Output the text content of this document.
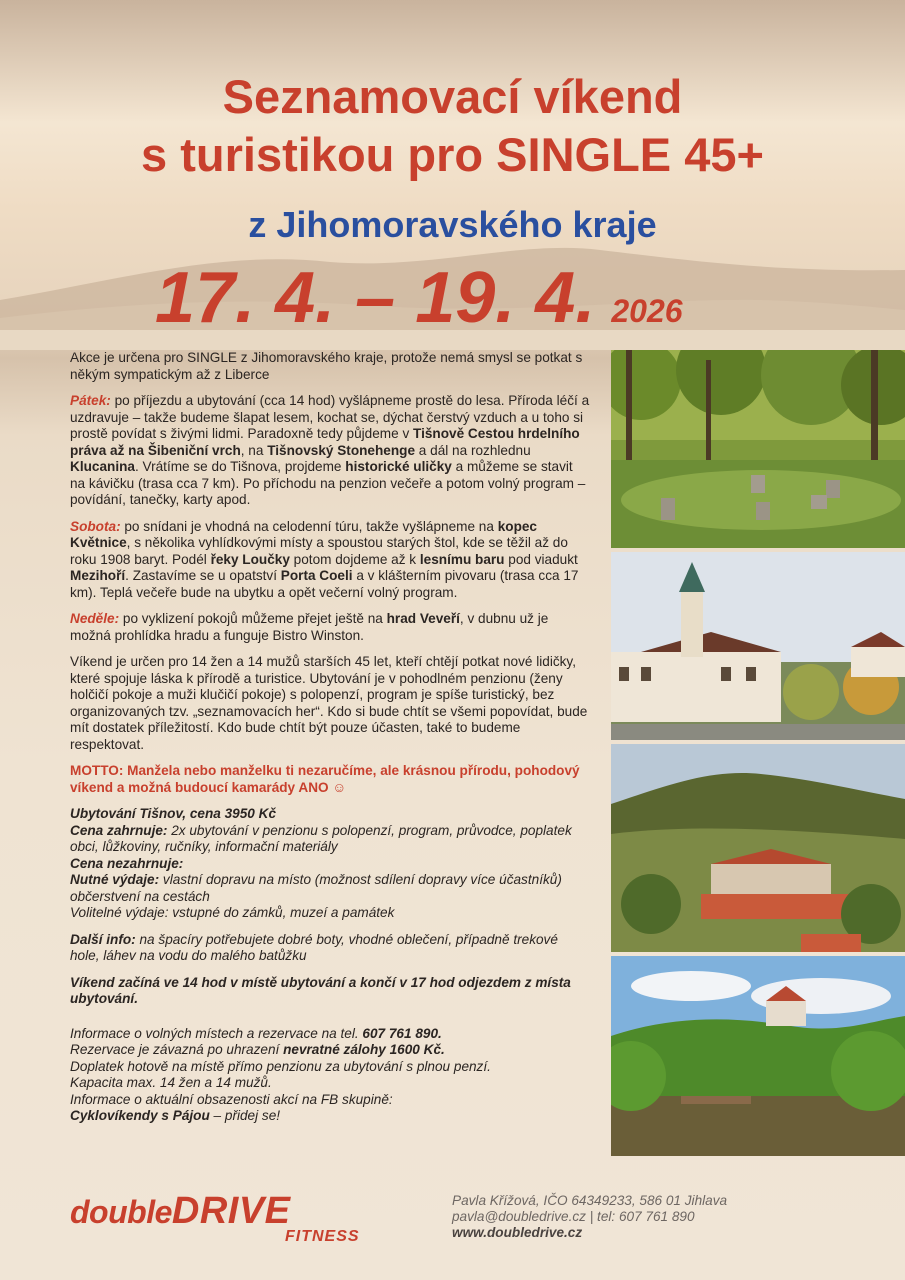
Seznamovací víkend
s turistikou pro SINGLE 45+
z Jihomoravského kraje
17. 4. – 19. 4. 2026

Akce je určena pro SINGLE z Jihomoravského kraje, protože nemá smysl se potkat s někým sympatickým až z Liberce

Pátek: po příjezdu a ubytování (cca 14 hod) vyšlápneme prostě do lesa. Příroda léčí a uzdravuje – takže budeme šlapat lesem, kochat se, dýchat čerstvý vzduch a u toho si prostě povídat s živými lidmi. Paradoxně tedy půjdeme v Tišnově Cestou hrdelního práva až na Šibeniční vrch, na Tišnovský Stonehenge a dál na rozhlednu Klucanina. Vrátíme se do Tišnova, projdeme historické uličky a můžeme se stavit na kávičku (trasa cca 7 km). Po příchodu na penzion večeře a potom volný program – povídání, tanečky, karty apod.

Sobota: po snídani je vhodná na celodenní túru, takže vyšlápneme na kopec Květnice, s několika vyhlídkovými místy a spoustou starých štol, kde se těžil až do roku 1908 baryt. Podél řeky Loučky potom dojdeme až k lesnímu baru pod viadukt Mezihoří. Zastavíme se u opatství Porta Coeli a v klášterním pivovaru (trasa cca 17 km). Teplá večeře bude na ubytku a opět večerní volný program.

Neděle: po vyklizení pokojů můžeme přejet ještě na hrad Veveří, v dubnu už je možná prohlídka hradu a funguje Bistro Winston.

Víkend je určen pro 14 žen a 14 mužů starších 45 let, kteří chtějí potkat nové lidičky, které spojuje láska k přírodě a turistice. Ubytování je v pohodlném penzionu (ženy holčičí pokoje a muži klučičí pokoje) s polopenzí, program je spíše turistický, bez organizovaných tzv. „seznamovacích her“. Kdo si bude chtít se všemi popovídat, bude mít dostatek příležitostí. Kdo bude chtít být pouze účasten, také to budeme respektovat.

MOTTO: Manžela nebo manželku ti nezaručíme, ale krásnou přírodu, pohodový víkend a možná budoucí kamarády ANO ☺

Ubytování Tišnov, cena 3950 Kč
Cena zahrnuje: 2x ubytování v penzionu s polopenzí, program, průvodce, poplatek obci, lůžkoviny, ručníky, informační materiály
Cena nezahrnuje:
Nutné výdaje: vlastní dopravu na místo (možnost sdílení dopravy více účastníků)
občerstvení na cestách
Volitelné výdaje: vstupné do zámků, muzeí a památek

Další info: na špacíry potřebujete dobré boty, vhodné oblečení, případně trekové hole, láhev na vodu do malého batůžku

Víkend začíná ve 14 hod v místě ubytování a končí v 17 hod odjezdem z místa ubytování.

Informace o volných místech a rezervace na tel. 607 761 890.
Rezervace je závazná po uhrazení nevratné zálohy 1600 Kč.
Doplatek hotově na místě přímo penzionu za ubytování s plnou penzí.
Kapacita max. 14 žen a 14 mužů.
Informace o aktuální obsazenosti akcí na FB skupině:
Cyklovíkendy s Pájou – přidej se!

doubleDRIVE
FITNESS
Pavla Křížová, IČO 64349233, 586 01 Jihlava
pavla@doubledrive.cz | tel: 607 761 890
www.doubledrive.cz
